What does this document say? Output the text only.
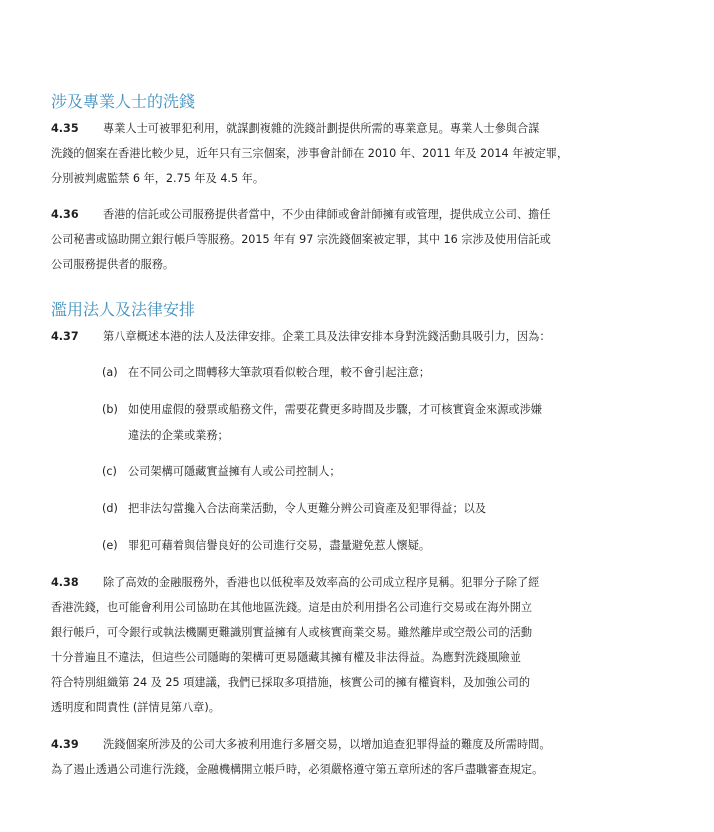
涉及專業人士的洗錢
4.35 專業人士可被罪犯利用，就謀劃複雜的洗錢計劃提供所需的專業意見。專業人士參與合謀
洗錢的個案在香港比較少見，近年只有三宗個案，涉事會計師在 2010 年、2011 年及 2014 年被定罪，
分別被判處監禁 6 年，2.75 年及 4.5 年。
4.36 香港的信託或公司服務提供者當中，不少由律師或會計師擁有或管理，提供成立公司、擔任
公司秘書或協助開立銀行帳戶等服務。2015 年有 97 宗洗錢個案被定罪，其中 16 宗涉及使用信託或
公司服務提供者的服務。
濫用法人及法律安排
4.37 第八章概述本港的法人及法律安排。企業工具及法律安排本身對洗錢活動具吸引力，因為：
(a) 在不同公司之間轉移大筆款項看似較合理，較不會引起注意；
(b) 如使用虛假的發票或船務文件，需要花費更多時間及步驟，才可核實資金來源或涉嫌
違法的企業或業務；
(c) 公司架構可隱藏實益擁有人或公司控制人；
(d) 把非法勾當攙入合法商業活動，令人更難分辨公司資產及犯罪得益；以及
(e) 罪犯可藉着與信譽良好的公司進行交易，盡量避免惹人懷疑。
4.38 除了高效的金融服務外，香港也以低稅率及效率高的公司成立程序見稱。犯罪分子除了經
香港洗錢，也可能會利用公司協助在其他地區洗錢。這是由於利用掛名公司進行交易或在海外開立
銀行帳戶，可令銀行或執法機關更難識別實益擁有人或核實商業交易。雖然離岸或空殼公司的活動
十分普遍且不違法，但這些公司隱晦的架構可更易隱藏其擁有權及非法得益。為應對洗錢風險並
符合特別組織第 24 及 25 項建議，我們已採取多項措施，核實公司的擁有權資料，及加強公司的
透明度和問責性 (詳情見第八章)。
4.39 洗錢個案所涉及的公司大多被利用進行多層交易，以增加追查犯罪得益的難度及所需時間。
為了遏止透過公司進行洗錢，金融機構開立帳戶時，必須嚴格遵守第五章所述的客戶盡職審查規定。
